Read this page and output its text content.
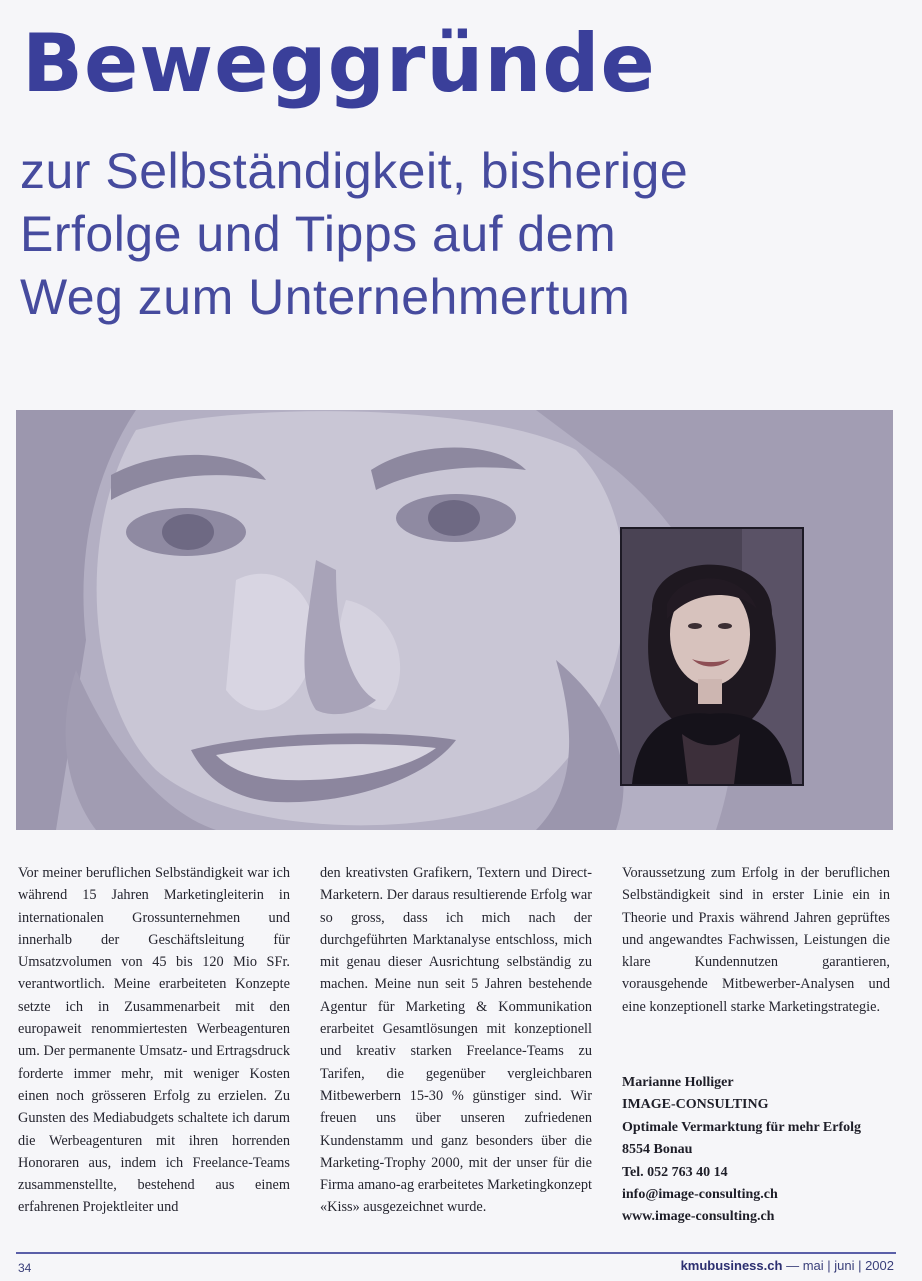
Beweggründe
zur Selbständigkeit, bisherige
Erfolge und Tipps auf dem
Weg zum Unternehmertum
Vor meiner beruflichen Selbständigkeit war ich während 15 Jahren Marketingleiterin in internationalen Grossunternehmen und innerhalb der Geschäftsleitung für Umsatzvolumen von 45 bis 120 Mio SFr. verantwortlich. Meine erarbeiteten Konzepte setzte ich in Zusammenarbeit mit den europaweit renommiertesten Werbeagenturen um. Der permanente Umsatz- und Ertragsdruck forderte immer mehr, mit weniger Kosten einen noch grösseren Erfolg zu erzielen. Zu Gunsten des Mediabudgets schaltete ich darum die Werbeagenturen mit ihren horrenden Honoraren aus, indem ich Freelance-Teams zusammenstellte, bestehend aus einem erfahrenen Projektleiter und
den kreativsten Grafikern, Textern und Direct-Marketern. Der daraus resultierende Erfolg war so gross, dass ich mich nach der durchgeführten Marktanalyse entschloss, mich mit genau dieser Ausrichtung selbständig zu machen. Meine nun seit 5 Jahren bestehende Agentur für Marketing & Kommunikation erarbeitet Gesamtlösungen mit konzeptionell und kreativ starken Freelance-Teams zu Tarifen, die gegenüber vergleichbaren Mitbewerbern 15-30 % günstiger sind. Wir freuen uns über unseren zufriedenen Kundenstamm und ganz besonders über die Marketing-Trophy 2000, mit der unser für die Firma amano-ag erarbeitetes Marketingkonzept «Kiss» ausgezeichnet wurde.
Voraussetzung zum Erfolg in der beruflichen Selbständigkeit sind in erster Linie ein in Theorie und Praxis während Jahren geprüftes und angewandtes Fachwissen, Leistungen die klare Kundennutzen garantieren, vorausgehende Mitbewerber-Analysen und eine konzeptionell starke Marketingstrategie.
Marianne Holliger
IMAGE-CONSULTING
Optimale Vermarktung für mehr Erfolg
8554 Bonau
Tel. 052 763 40 14
info@image-consulting.ch
www.image-consulting.ch
34	kmubusiness.ch — mai | juni | 2002
